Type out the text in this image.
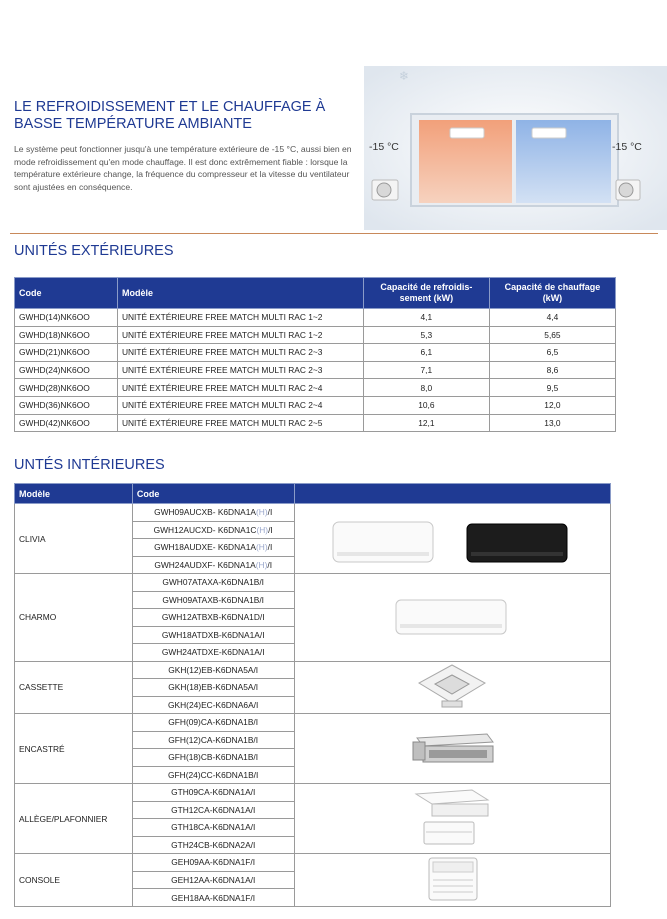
LE REFROIDISSEMENT ET LE CHAUFFAGE À BASSE TEMPÉRATURE AMBIANTE

Le système peut fonctionner jusqu'à une température extérieure de -15 °C, aussi bien en mode refroidissement qu'en mode chauffage. Il est donc extrêmement fiable : lorsque la température extérieure change, la fréquence du compresseur et la vitesse du ventilateur sont ajustées en conséquence.

❄
-15 °C	-15 °C
UNITÉS EXTÉRIEURES
Code	Modèle	Capacité de refroidis-sement (kW)	Capacité de chauffage (kW)
GWHD(14)NK6OO	UNITÉ EXTÉRIEURE FREE MATCH MULTI RAC 1~2	4,1	4,4
GWHD(18)NK6OO	UNITÉ EXTÉRIEURE FREE MATCH MULTI RAC 1~2	5,3	5,65
GWHD(21)NK6OO	UNITÉ EXTÉRIEURE FREE MATCH MULTI RAC 2~3	6,1	6,5
GWHD(24)NK6OO	UNITÉ EXTÉRIEURE FREE MATCH MULTI RAC 2~3	7,1	8,6
GWHD(28)NK6OO	UNITÉ EXTÉRIEURE FREE MATCH MULTI RAC 2~4	8,0	9,5
GWHD(36)NK6OO	UNITÉ EXTÉRIEURE FREE MATCH MULTI RAC 2~4	10,6	12,0
GWHD(42)NK6OO	UNITÉ EXTÉRIEURE FREE MATCH MULTI RAC 2~5	12,1	13,0
UNTÉS INTÉRIEURES
Modèle	Code	
CLIVIA	GWH09AUCXB- K6DNA1A(H)/I	
	GWH12AUCXD- K6DNA1C(H)/I	
	GWH18AUDXE- K6DNA1A(H)/I	
	GWH24AUDXF- K6DNA1A(H)/I	
CHARMO	GWH07ATAXA-K6DNA1B/I	
	GWH09ATAXB-K6DNA1B/I	
	GWH12ATBXB-K6DNA1D/I	
	GWH18ATDXB-K6DNA1A/I	
	GWH24ATDXE-K6DNA1A/I	
CASSETTE	GKH(12)EB-K6DNA5A/I	
	GKH(18)EB-K6DNA5A/I	
	GKH(24)EC-K6DNA6A/I	
ENCASTRÉ	GFH(09)CA-K6DNA1B/I	
	GFH(12)CA-K6DNA1B/I	
	GFH(18)CB-K6DNA1B/I	
	GFH(24)CC-K6DNA1B/I	
ALLÈGE/PLAFONNIER	GTH09CA-K6DNA1A/I	
	GTH12CA-K6DNA1A/I	
	GTH18CA-K6DNA1A/I	
	GTH24CB-K6DNA2A/I	
CONSOLE	GEH09AA-K6DNA1F/I	
	GEH12AA-K6DNA1A/I	
	GEH18AA-K6DNA1F/I	
